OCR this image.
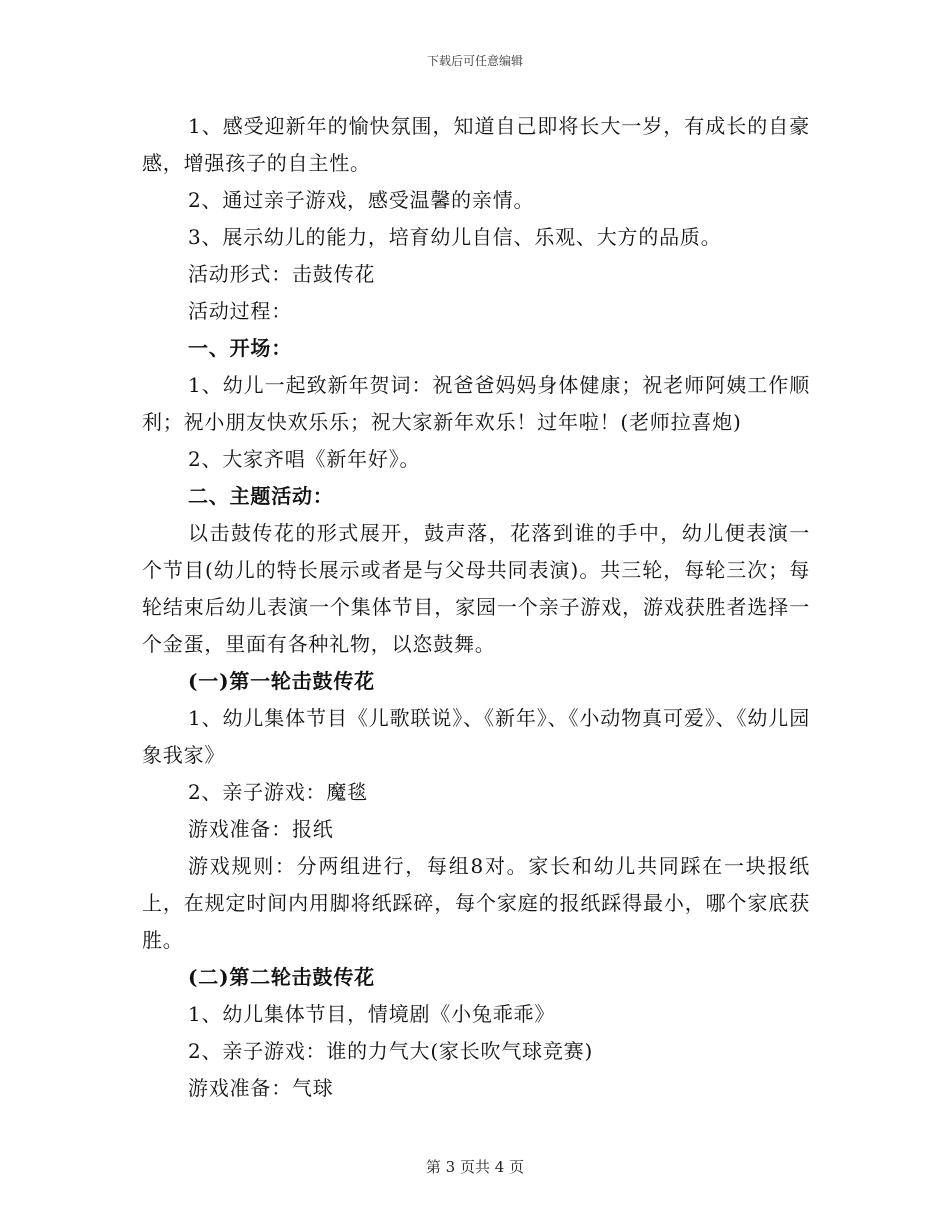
下载后可任意编辑

1、感受迎新年的愉快氛围，知道自己即将长大一岁，有成长的自豪感，增强孩子的自主性。

2、通过亲子游戏，感受温馨的亲情。

3、展示幼儿的能力，培育幼儿自信、乐观、大方的品质。

活动形式：击鼓传花

活动过程：

一、开场：

1、幼儿一起致新年贺词：祝爸爸妈妈身体健康；祝老师阿姨工作顺利；祝小朋友快欢乐乐；祝大家新年欢乐！过年啦！(老师拉喜炮)

2、大家齐唱《新年好》。

二、主题活动：

以击鼓传花的形式展开，鼓声落，花落到谁的手中，幼儿便表演一个节目(幼儿的特长展示或者是与父母共同表演)。共三轮，每轮三次；每轮结束后幼儿表演一个集体节目，家园一个亲子游戏，游戏获胜者选择一个金蛋，里面有各种礼物，以恣鼓舞。

(一)第一轮击鼓传花

1、幼儿集体节目《儿歌联说》、《新年》、《小动物真可爱》、《幼儿园象我家》

2、亲子游戏：魔毯

游戏准备：报纸

游戏规则：分两组进行，每组8对。家长和幼儿共同踩在一块报纸上，在规定时间内用脚将纸踩碎，每个家庭的报纸踩得最小，哪个家底获胜。

(二)第二轮击鼓传花

1、幼儿集体节目，情境剧《小兔乖乖》

2、亲子游戏：谁的力气大(家长吹气球竞赛)

游戏准备：气球

第 3 页共 4 页
